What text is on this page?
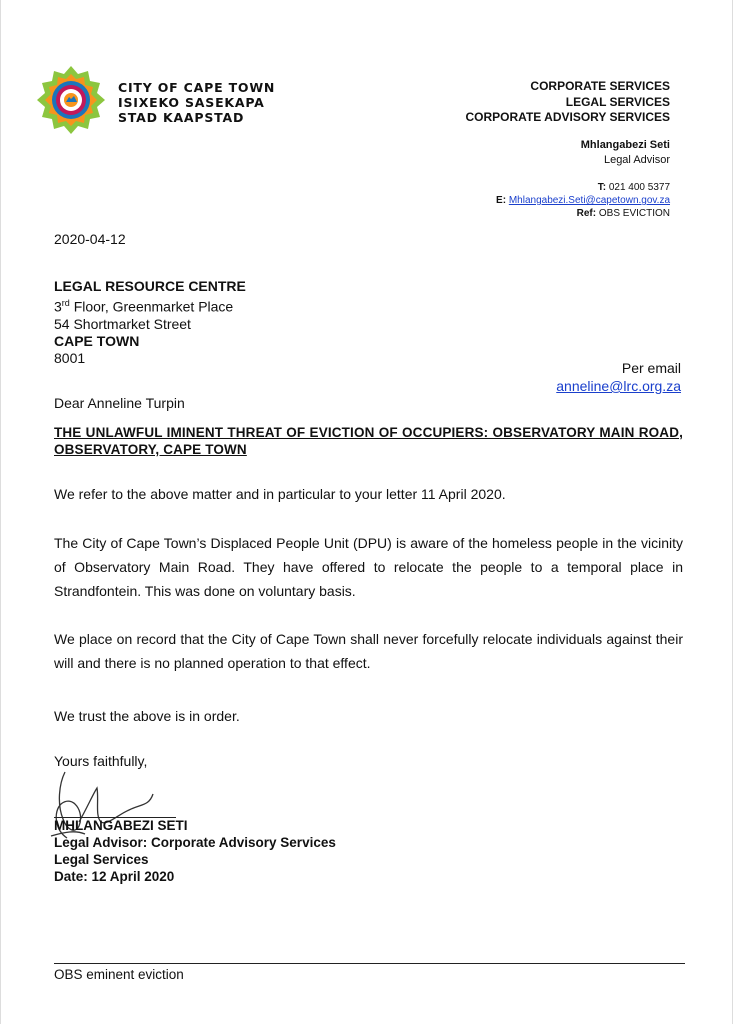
CITY OF CAPE TOWN
ISIXEKO SASEKAPA
STAD KAAPSTAD
CORPORATE SERVICES
LEGAL SERVICES
CORPORATE ADVISORY SERVICES
Mhlangabezi Seti
Legal Advisor
T: 021 400 5377
E: Mhlangabezi.Seti@capetown.gov.za
Ref: OBS EVICTION
2020-04-12
LEGAL RESOURCE CENTRE
3rd Floor, Greenmarket Place
54 Shortmarket Street
CAPE TOWN
8001
Per email
anneline@lrc.org.za
Dear Anneline Turpin
THE UNLAWFUL IMINENT THREAT OF EVICTION OF OCCUPIERS: OBSERVATORY MAIN ROAD, OBSERVATORY, CAPE TOWN
We refer to the above matter and in particular to your letter 11 April 2020.
The City of Cape Town’s Displaced People Unit (DPU) is aware of the homeless people in the vicinity of Observatory Main Road. They have offered to relocate the people to a temporal place in Strandfontein. This was done on voluntary basis.
We place on record that the City of Cape Town shall never forcefully relocate individuals against their will and there is no planned operation to that effect.
We trust the above is in order.
Yours faithfully,
MHLANGABEZI SETI
Legal Advisor: Corporate Advisory Services
Legal Services
Date: 12 April 2020
OBS eminent eviction
